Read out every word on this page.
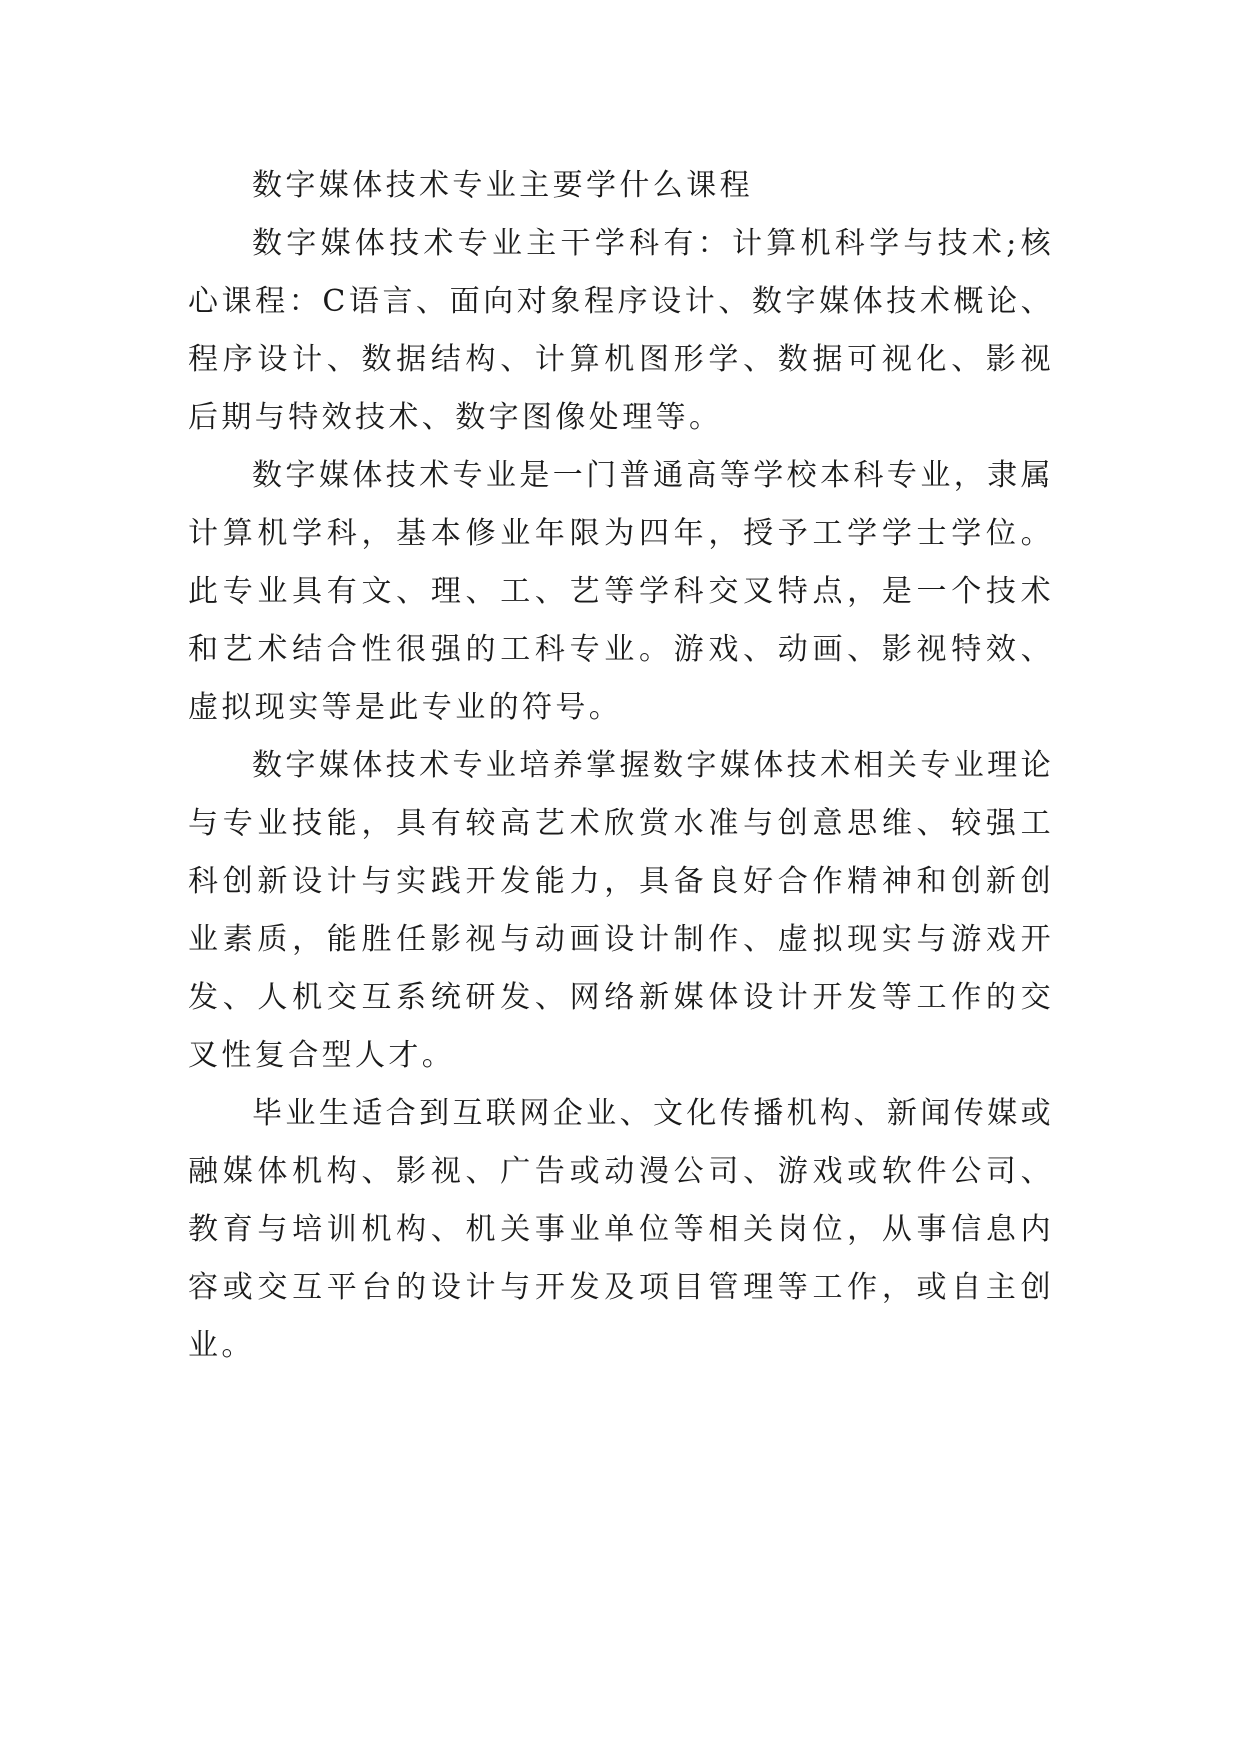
数字媒体技术专业主要学什么课程

数字媒体技术专业主干学科有：计算机科学与技术;核心课程：C语言、面向对象程序设计、数字媒体技术概论、程序设计、数据结构、计算机图形学、数据可视化、影视后期与特效技术、数字图像处理等。

数字媒体技术专业是一门普通高等学校本科专业，隶属计算机学科，基本修业年限为四年，授予工学学士学位。此专业具有文、理、工、艺等学科交叉特点，是一个技术和艺术结合性很强的工科专业。游戏、动画、影视特效、虚拟现实等是此专业的符号。

数字媒体技术专业培养掌握数字媒体技术相关专业理论与专业技能，具有较高艺术欣赏水准与创意思维、较强工科创新设计与实践开发能力，具备良好合作精神和创新创业素质，能胜任影视与动画设计制作、虚拟现实与游戏开发、人机交互系统研发、网络新媒体设计开发等工作的交叉性复合型人才。

毕业生适合到互联网企业、文化传播机构、新闻传媒或融媒体机构、影视、广告或动漫公司、游戏或软件公司、教育与培训机构、机关事业单位等相关岗位，从事信息内容或交互平台的设计与开发及项目管理等工作，或自主创业。
